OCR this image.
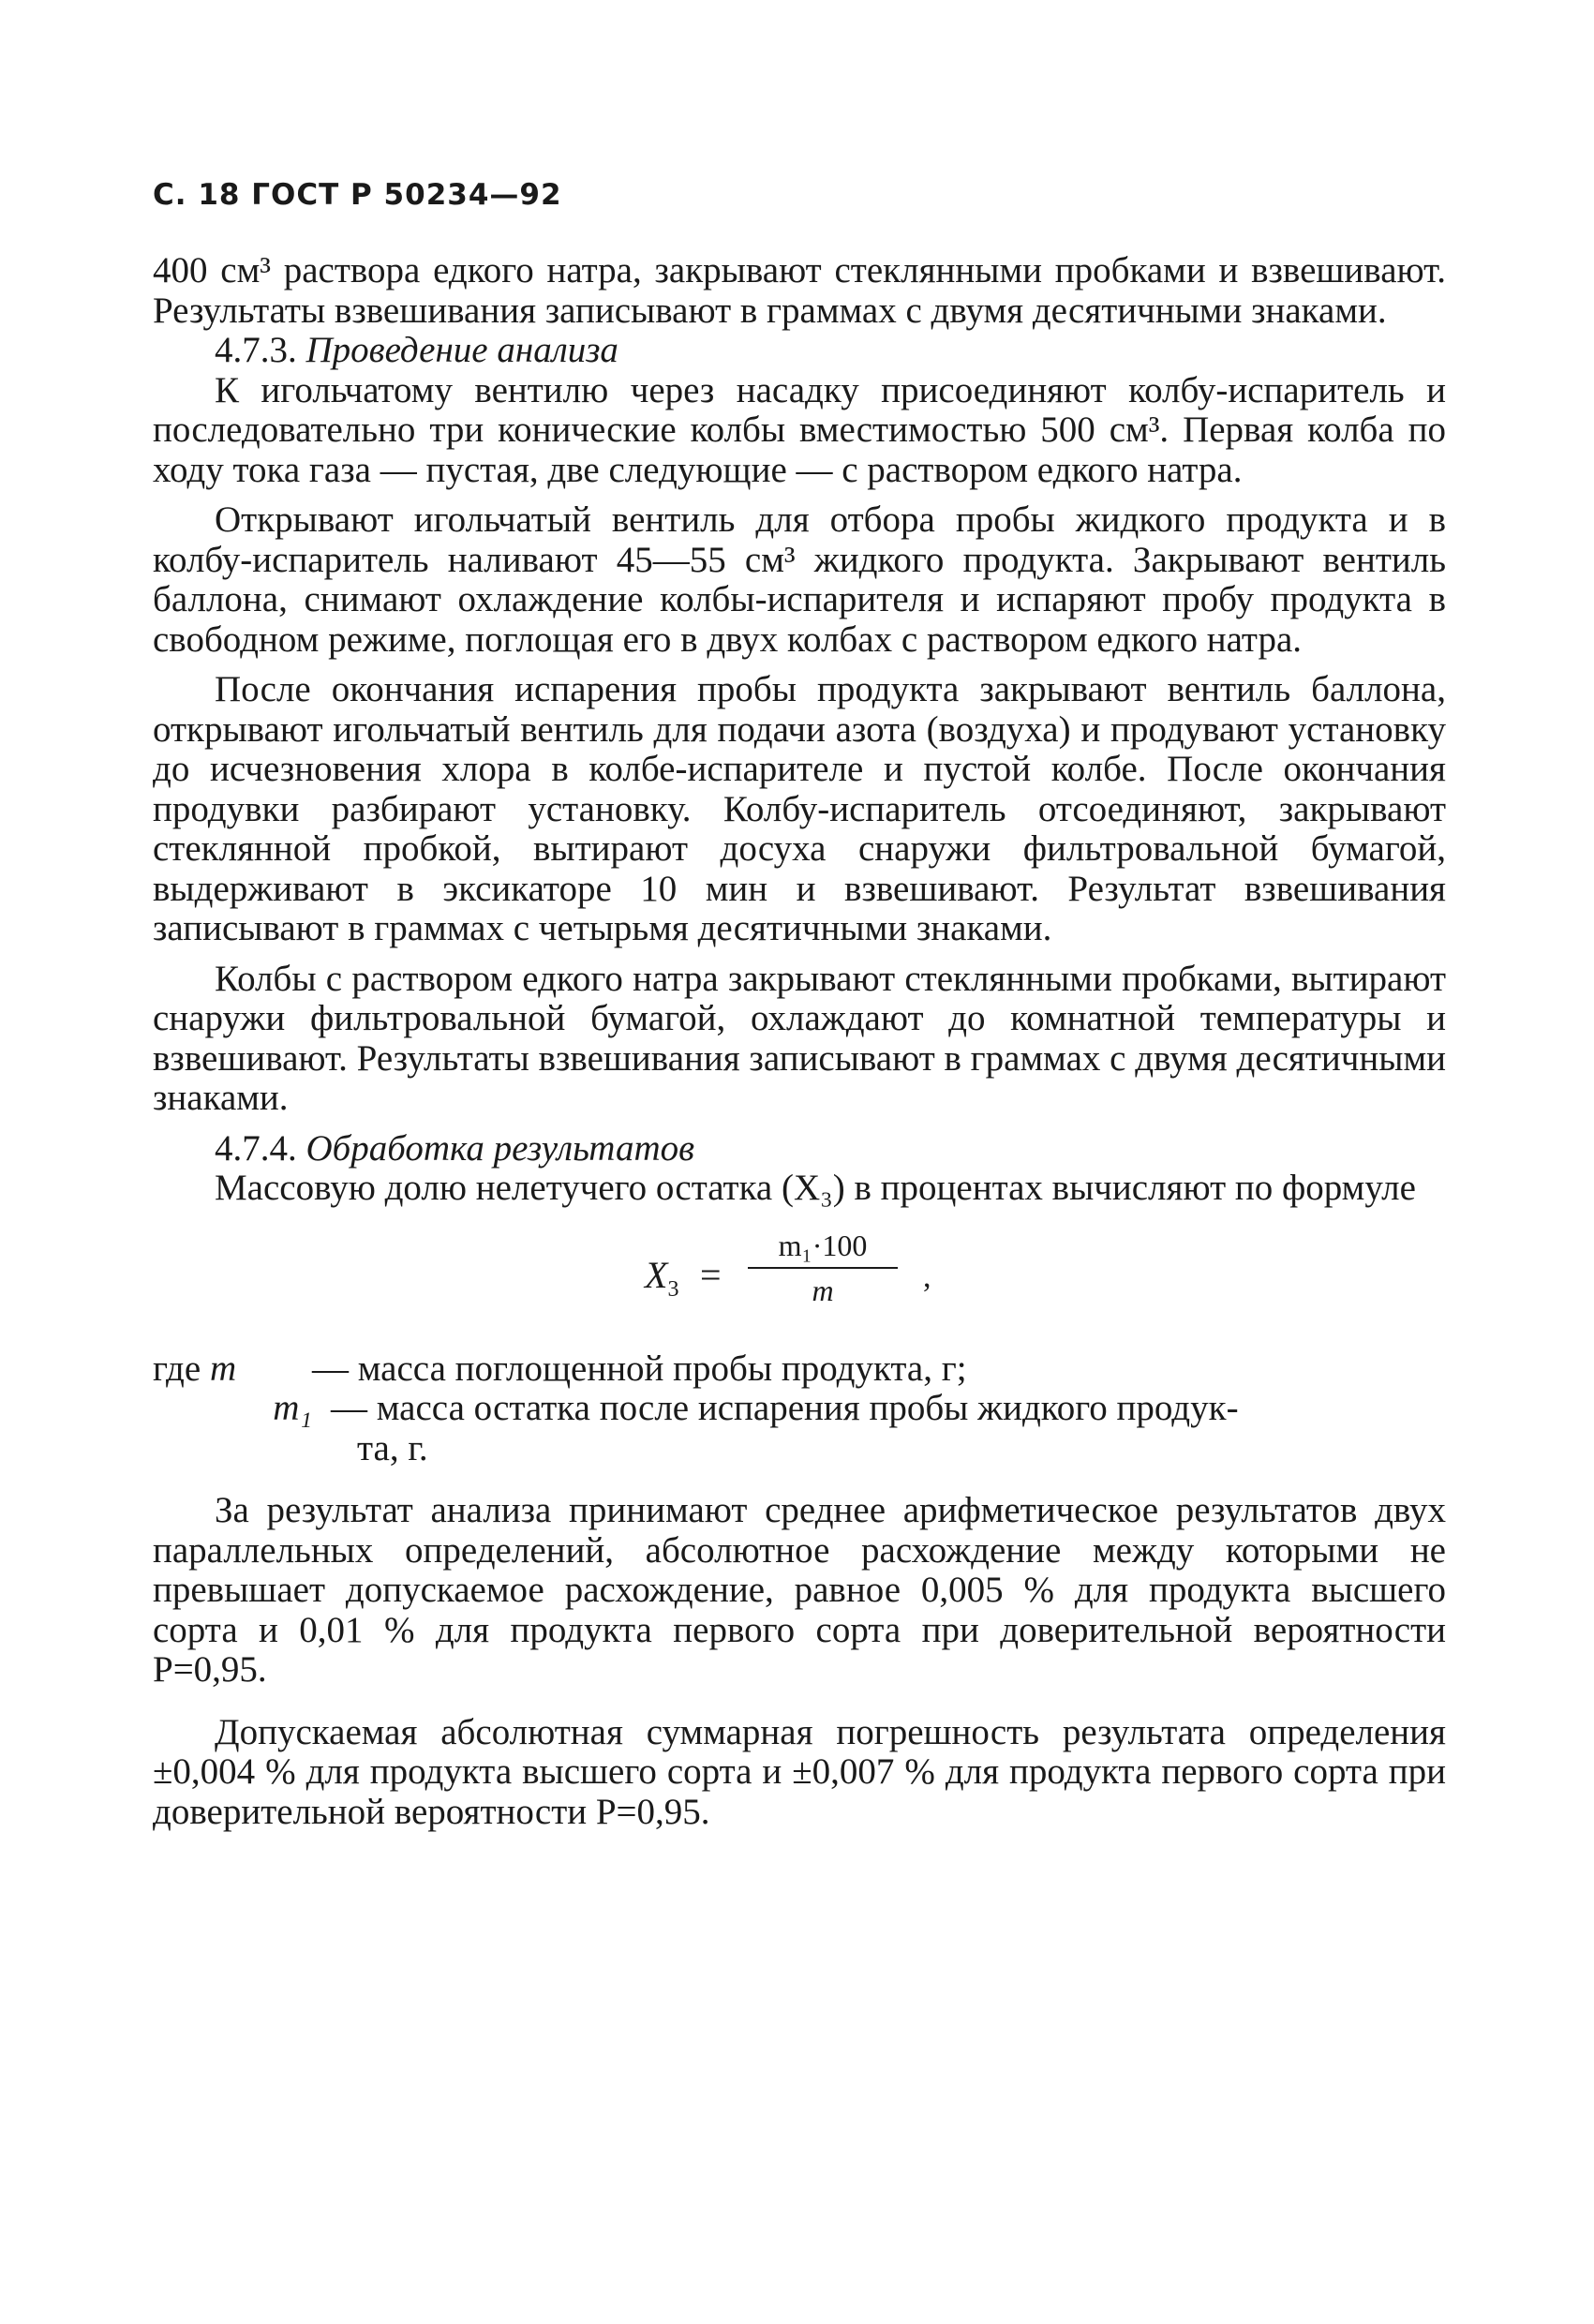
С. 18 ГОСТ Р 50234—92

400 см³ раствора едкого натра, закрывают стеклянными пробками и взвешивают. Результаты взвешивания записывают в граммах с двумя десятичными знаками.

4.7.3. Проведение анализа

К игольчатому вентилю через насадку присоединяют колбу-испаритель и последовательно три конические колбы вместимостью 500 см³. Первая колба по ходу тока газа — пустая, две следующие — с раствором едкого натра.

Открывают игольчатый вентиль для отбора пробы жидкого продукта и в колбу-испаритель наливают 45—55 см³ жидкого продукта. Закрывают вентиль баллона, снимают охлаждение колбы-испарителя и испаряют пробу продукта в свободном режиме, поглощая его в двух колбах с раствором едкого натра.

После окончания испарения пробы продукта закрывают вентиль баллона, открывают игольчатый вентиль для подачи азота (воздуха) и продувают установку до исчезновения хлора в колбе-испарителе и пустой колбе. После окончания продувки разбирают установку. Колбу-испаритель отсоединяют, закрывают стеклянной пробкой, вытирают досуха снаружи фильтровальной бумагой, выдерживают в эксикаторе 10 мин и взвешивают. Результат взвешивания записывают в граммах с четырьмя десятичными знаками.

Колбы с раствором едкого натра закрывают стеклянными пробками, вытирают снаружи фильтровальной бумагой, охлаждают до комнатной температуры и взвешивают. Результаты взвешивания записывают в граммах с двумя десятичными знаками.

4.7.4. Обработка результатов

Массовую долю нелетучего остатка (X₃) в процентах вычисляют по формуле

$X_3$ =
m₁·100
m	,
где m	— масса поглощенной пробы продукта, г;
m₁ — масса остатка после испарения пробы жидкого продук-
та, г.

За результат анализа принимают среднее арифметическое результатов двух параллельных определений, абсолютное расхождение между которыми не превышает допускаемое расхождение, равное 0,005 % для продукта высшего сорта и 0,01 % для продукта первого сорта при доверительной вероятности P=0,95.

Допускаемая абсолютная суммарная погрешность результата определения ±0,004 % для продукта высшего сорта и ±0,007 % для продукта первого сорта при доверительной вероятности P=0,95.
